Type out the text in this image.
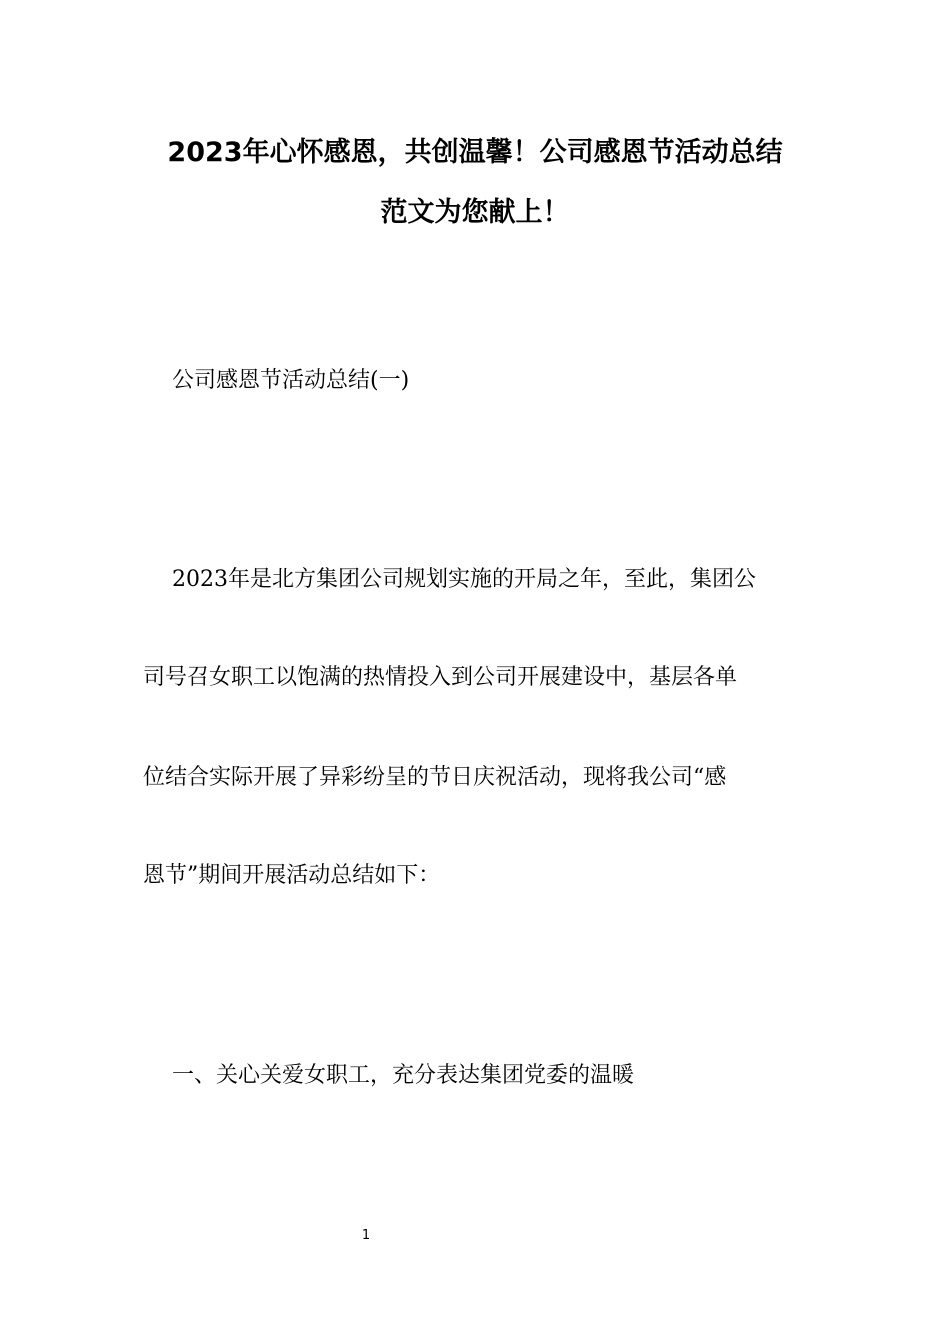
2023年心怀感恩，共创温馨！公司感恩节活动总结
范文为您献上！
公司感恩节活动总结(一)
2023年是北方集团公司规划实施的开局之年，至此，集团公
司号召女职工以饱满的热情投入到公司开展建设中，基层各单
位结合实际开展了异彩纷呈的节日庆祝活动，现将我公司“感
恩节”期间开展活动总结如下：
一、关心关爱女职工，充分表达集团党委的温暖
1
